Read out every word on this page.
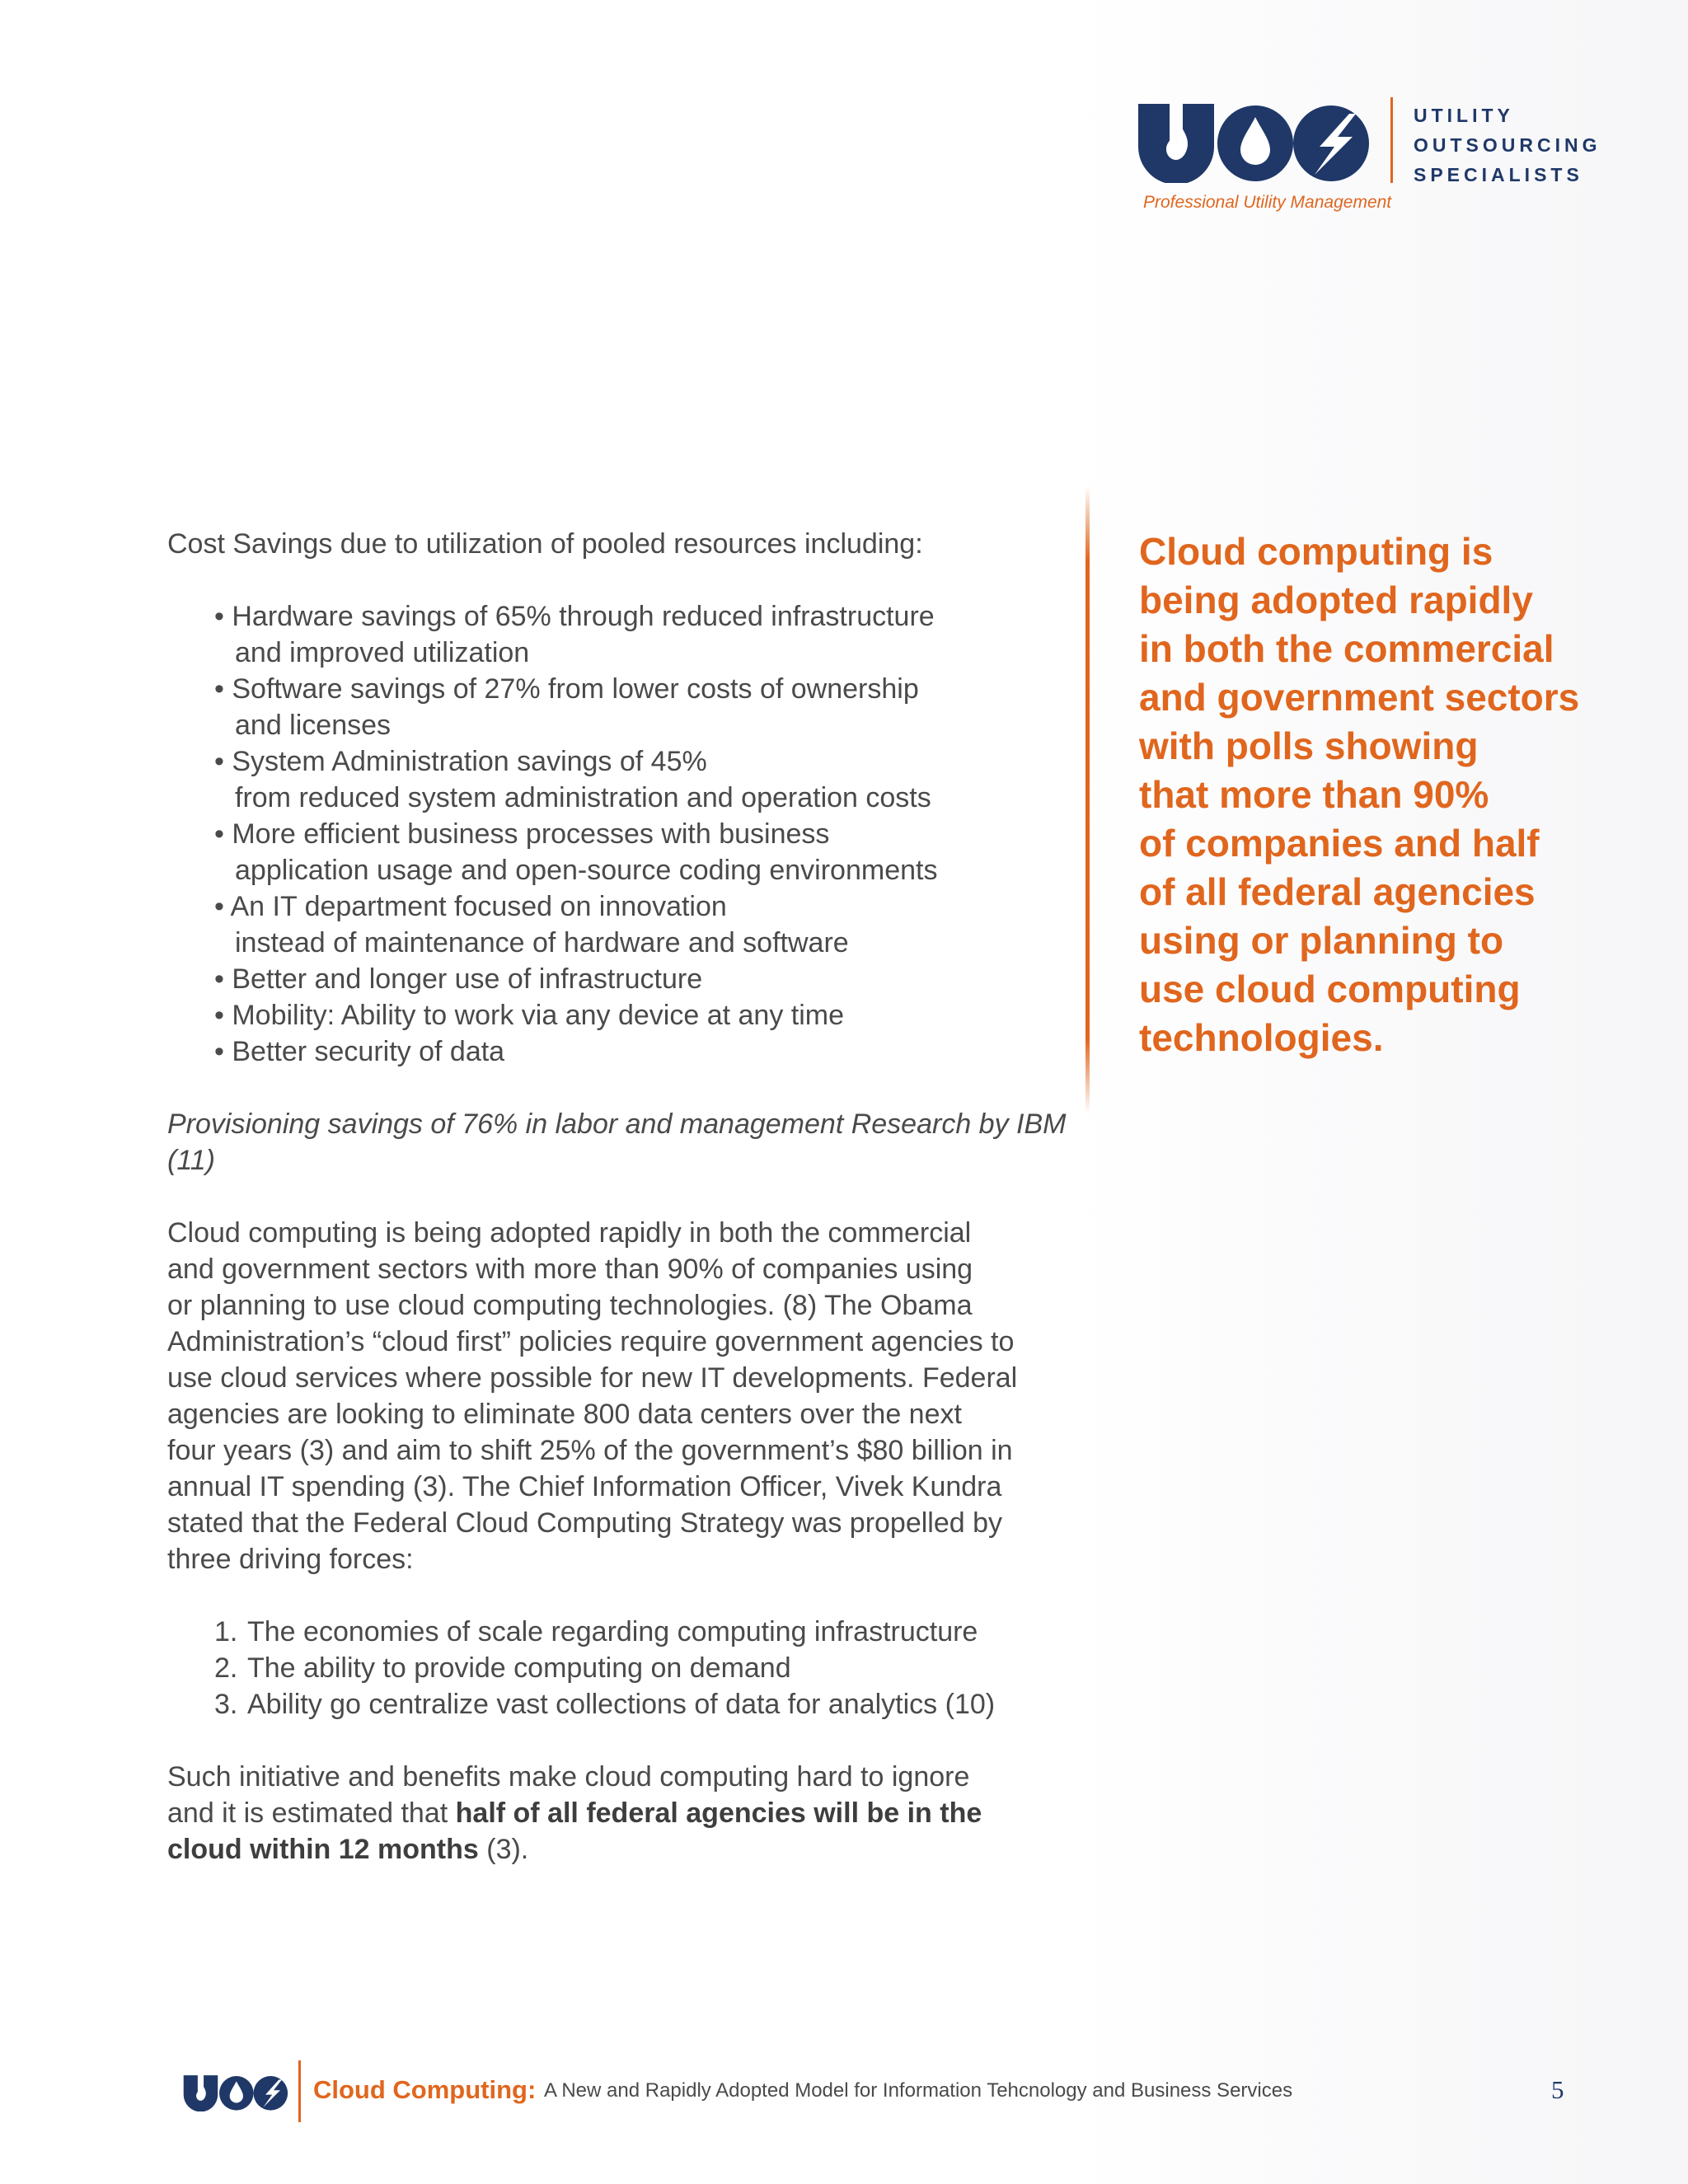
UTILITY
OUTSOURCING
SPECIALISTS
Professional Utility Management

Cloud computing is
being adopted rapidly
in both the commercial
and government sectors
with polls showing
that more than 90%
of companies and half
of all federal agencies
using or planning to
use cloud computing
technologies.

Cost Savings due to utilization of pooled resources including:

• Hardware savings of 65% through reduced infrastructure
and improved utilization
• Software savings of 27% from lower costs of ownership
and licenses
• System Administration savings of 45%
from reduced system administration and operation costs
• More efficient business processes with business
application usage and open-source coding environments
• An IT department focused on innovation
instead of maintenance of hardware and software
• Better and longer use of infrastructure
• Mobility: Ability to work via any device at any time
• Better security of data

Provisioning savings of 76% in labor and management Research by IBM
(11)

Cloud computing is being adopted rapidly in both the commercial
and government sectors with more than 90% of companies using
or planning to use cloud computing technologies. (8) The Obama
Administration’s “cloud first” policies require government agencies to
use cloud services where possible for new IT developments. Federal
agencies are looking to eliminate 800 data centers over the next
four years (3) and aim to shift 25% of the government’s $80 billion in
annual IT spending (3). The Chief Information Officer, Vivek Kundra
stated that the Federal Cloud Computing Strategy was propelled by
three driving forces:

1. The economies of scale regarding computing infrastructure
2. The ability to provide computing on demand
3. Ability go centralize vast collections of data for analytics (10)

Such initiative and benefits make cloud computing hard to ignore
and it is estimated that half of all federal agencies will be in the
cloud within 12 months (3).

Cloud Computing: A New and Rapidly Adopted Model for Information Tehcnology and Business Services	5
